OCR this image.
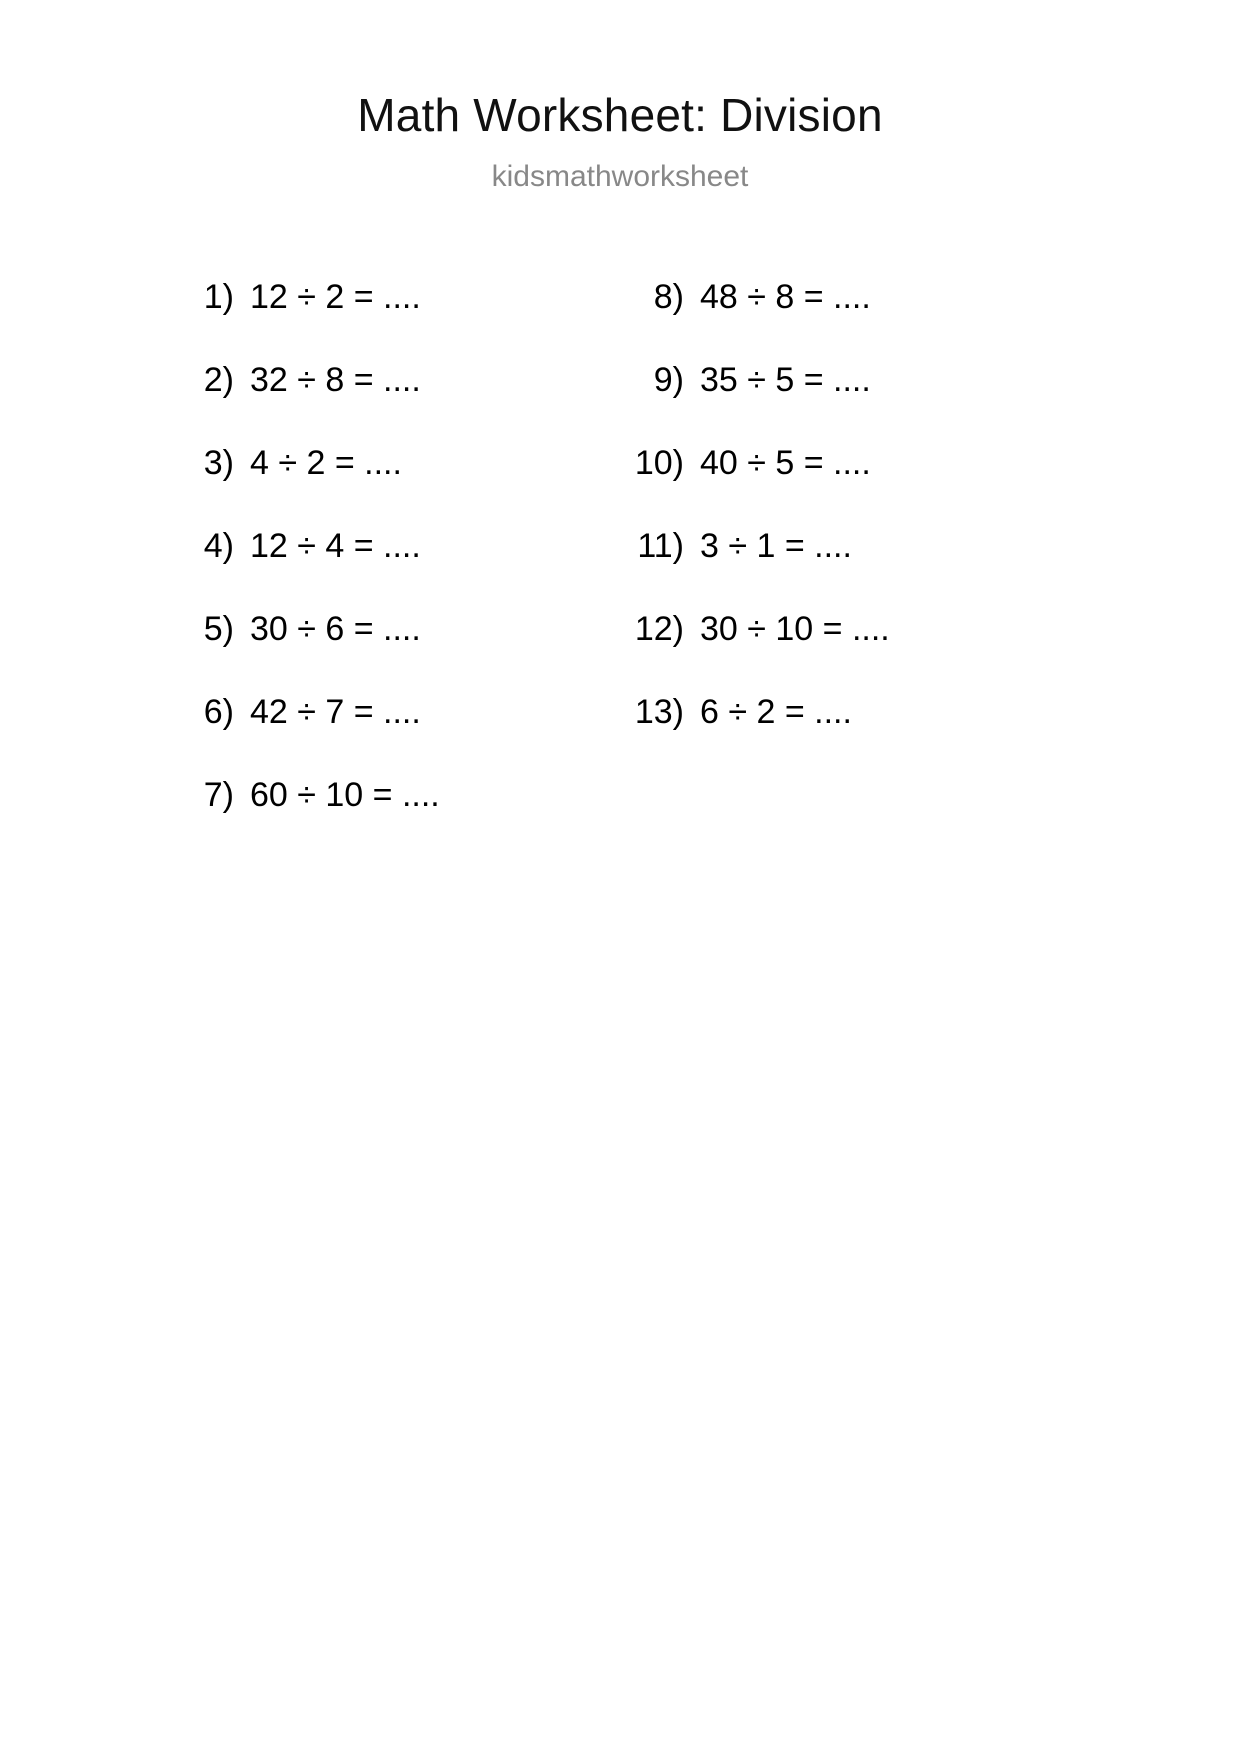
Math Worksheet: Division
kidsmathworksheet
1) 12 ÷ 2 = ....
2) 32 ÷ 8 = ....
3) 4 ÷ 2 = ....
4) 12 ÷ 4 = ....
5) 30 ÷ 6 = ....
6) 42 ÷ 7 = ....
7) 60 ÷ 10 = ....
8) 48 ÷ 8 = ....
9) 35 ÷ 5 = ....
10) 40 ÷ 5 = ....
11) 3 ÷ 1 = ....
12) 30 ÷ 10 = ....
13) 6 ÷ 2 = ....
